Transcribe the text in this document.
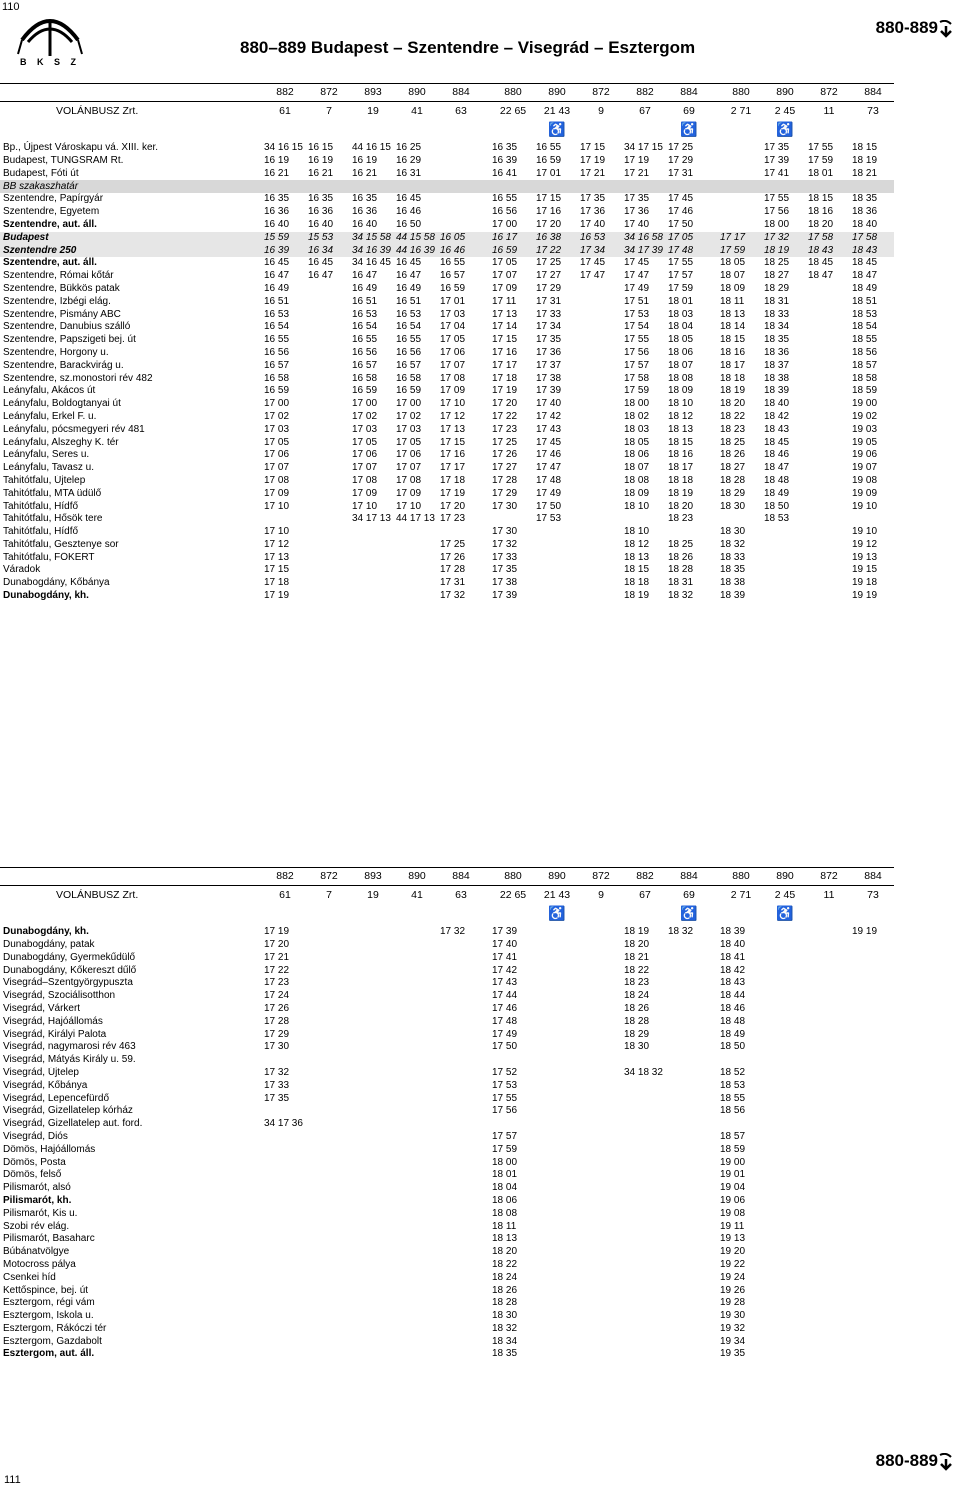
110
111
B K S Z
880–889 Budapest – Szentendre – Visegrád – Esztergom
880-889
880-889
	882	872	893	890	884		880	890	872	882	884		880	890	872	884
VOLÁNBUSZ Zrt.	61	7	19	41	63		22 65	21 43	9	67	69		2 71	2 45	11	73
								♿			♿			♿		
Bp., Újpest Városkapu vá. XIII. ker.	34 16 15	16 15	44 16 15	16 25			16 35	16 55	17 15	34 17 15	17 25			17 35	17 55	18 15
Budapest, TUNGSRAM Rt.	16 19	16 19	16 19	16 29			16 39	16 59	17 19	17 19	17 29			17 39	17 59	18 19
Budapest, Fóti út	16 21	16 21	16 21	16 31			16 41	17 01	17 21	17 21	17 31			17 41	18 01	18 21
BB szakaszhatár																
Szentendre, Papírgyár	16 35	16 35	16 35	16 45			16 55	17 15	17 35	17 35	17 45			17 55	18 15	18 35
Szentendre, Egyetem	16 36	16 36	16 36	16 46			16 56	17 16	17 36	17 36	17 46			17 56	18 16	18 36
Szentendre, aut. áll.	16 40	16 40	16 40	16 50			17 00	17 20	17 40	17 40	17 50			18 00	18 20	18 40
Budapest	15 59	15 53	34 15 58	44 15 58	16 05		16 17	16 38	16 53	34 16 58	17 05		17 17	17 32	17 58	17 58
Szentendre 250	16 39	16 34	34 16 39	44 16 39	16 46		16 59	17 22	17 34	34 17 39	17 48		17 59	18 19	18 43	18 43
Szentendre, aut. áll.	16 45	16 45	34 16 45	16 45	16 55		17 05	17 25	17 45	17 45	17 55		18 05	18 25	18 45	18 45
Szentendre, Római kőtár	16 47	16 47	16 47	16 47	16 57		17 07	17 27	17 47	17 47	17 57		18 07	18 27	18 47	18 47
Szentendre, Bükkös patak	16 49		16 49	16 49	16 59		17 09	17 29		17 49	17 59		18 09	18 29		18 49
Szentendre, Izbégi elág.	16 51		16 51	16 51	17 01		17 11	17 31		17 51	18 01		18 11	18 31		18 51
Szentendre, Pismány ABC	16 53		16 53	16 53	17 03		17 13	17 33		17 53	18 03		18 13	18 33		18 53
Szentendre, Danubius szálló	16 54		16 54	16 54	17 04		17 14	17 34		17 54	18 04		18 14	18 34		18 54
Szentendre, Papszigeti bej. út	16 55		16 55	16 55	17 05		17 15	17 35		17 55	18 05		18 15	18 35		18 55
Szentendre, Horgony u.	16 56		16 56	16 56	17 06		17 16	17 36		17 56	18 06		18 16	18 36		18 56
Szentendre, Barackvirág u.	16 57		16 57	16 57	17 07		17 17	17 37		17 57	18 07		18 17	18 37		18 57
Szentendre, sz.monostori rév 482	16 58		16 58	16 58	17 08		17 18	17 38		17 58	18 08		18 18	18 38		18 58
Leányfalu, Akácos út	16 59		16 59	16 59	17 09		17 19	17 39		17 59	18 09		18 19	18 39		18 59
Leányfalu, Boldogtanyai út	17 00		17 00	17 00	17 10		17 20	17 40		18 00	18 10		18 20	18 40		19 00
Leányfalu, Erkel F. u.	17 02		17 02	17 02	17 12		17 22	17 42		18 02	18 12		18 22	18 42		19 02
Leányfalu, pócsmegyeri rév 481	17 03		17 03	17 03	17 13		17 23	17 43		18 03	18 13		18 23	18 43		19 03
Leányfalu, Alszeghy K. tér	17 05		17 05	17 05	17 15		17 25	17 45		18 05	18 15		18 25	18 45		19 05
Leányfalu, Seres u.	17 06		17 06	17 06	17 16		17 26	17 46		18 06	18 16		18 26	18 46		19 06
Leányfalu, Tavasz u.	17 07		17 07	17 07	17 17		17 27	17 47		18 07	18 17		18 27	18 47		19 07
Tahitótfalu, Újtelep	17 08		17 08	17 08	17 18		17 28	17 48		18 08	18 18		18 28	18 48		19 08
Tahitótfalu, MTA üdülő	17 09		17 09	17 09	17 19		17 29	17 49		18 09	18 19		18 29	18 49		19 09
Tahitótfalu, Hídfő	17 10		17 10	17 10	17 20		17 30	17 50		18 10	18 20		18 30	18 50		19 10
Tahitótfalu, Hősök tere			34 17 13	44 17 13	17 23			17 53			18 23			18 53		
Tahitótfalu, Hídfő	17 10						17 30			18 10			18 30			19 10
Tahitótfalu, Gesztenye sor	17 12				17 25		17 32			18 12	18 25		18 32			19 12
Tahitótfalu, FŐKERT	17 13				17 26		17 33			18 13	18 26		18 33			19 13
Váradok	17 15				17 28		17 35			18 15	18 28		18 35			19 15
Dunabogdány, Kőbánya	17 18				17 31		17 38			18 18	18 31		18 38			19 18
Dunabogdány, kh.	17 19				17 32		17 39			18 19	18 32		18 39			19 19
	882	872	893	890	884		880	890	872	882	884		880	890	872	884
VOLÁNBUSZ Zrt.	61	7	19	41	63		22 65	21 43	9	67	69		2 71	2 45	11	73
								♿			♿			♿		
Dunabogdány, kh.	17 19				17 32		17 39			18 19	18 32		18 39			19 19
Dunabogdány, patak	17 20						17 40			18 20			18 40			
Dunabogdány, Gyermekűdülő	17 21						17 41			18 21			18 41			
Dunabogdány, Kőkereszt dűlő	17 22						17 42			18 22			18 42			
Visegrád–Szentgyörgypuszta	17 23						17 43			18 23			18 43			
Visegrád, Szociálisotthon	17 24						17 44			18 24			18 44			
Visegrád, Várkert	17 26						17 46			18 26			18 46			
Visegrád, Hajóállomás	17 28						17 48			18 28			18 48			
Visegrád, Királyi Palota	17 29						17 49			18 29			18 49			
Visegrád, nagymarosi rév 463	17 30						17 50			18 30			18 50			
Visegrád, Mátyás Király u. 59.																
Visegrád, Újtelep	17 32						17 52			34 18 32			18 52			
Visegrád, Kőbánya	17 33						17 53						18 53			
Visegrád, Lepencefürdő	17 35						17 55						18 55			
Visegrád, Gizellatelep kórház							17 56						18 56			
Visegrád, Gizellatelep aut. ford.	34 17 36															
Visegrád, Diós							17 57						18 57			
Dömös, Hajóállomás							17 59						18 59			
Dömös, Posta							18 00						19 00			
Dömös, felső							18 01						19 01			
Pilismarót, alsó							18 04						19 04			
Pilismarót, kh.							18 06						19 06			
Pilismarót, Kis u.							18 08						19 08			
Szobi rév elág.							18 11						19 11			
Pilismarót, Basaharc							18 13						19 13			
Búbánatvölgye							18 20						19 20			
Motocross pálya							18 22						19 22			
Csenkei híd							18 24						19 24			
Kettőspince, bej. út							18 26						19 26			
Esztergom, régi vám							18 28						19 28			
Esztergom, Iskola u.							18 30						19 30			
Esztergom, Rákóczi tér							18 32						19 32			
Esztergom, Gazdabolt							18 34						19 34			
Esztergom, aut. áll.							18 35						19 35			
